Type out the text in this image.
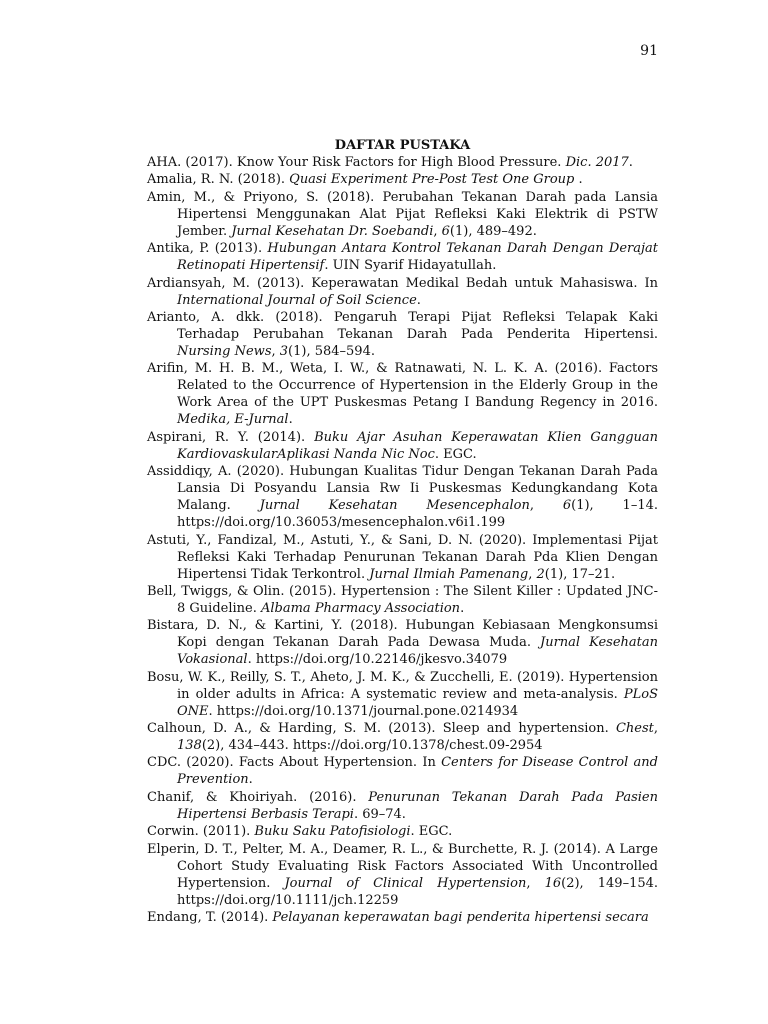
91
DAFTAR PUSTAKA

AHA. (2017). Know Your Risk Factors for High Blood Pressure. Dic. 2017.

Amalia, R. N. (2018). Quasi Experiment Pre-Post Test One Group .

Amin, M., & Priyono, S. (2018). Perubahan Tekanan Darah pada Lansia Hipertensi Menggunakan Alat Pijat Refleksi Kaki Elektrik di PSTW Jember. Jurnal Kesehatan Dr. Soebandi, 6(1), 489–492.

Antika, P. (2013). Hubungan Antara Kontrol Tekanan Darah Dengan Derajat Retinopati Hipertensif. UIN Syarif Hidayatullah.

Ardiansyah, M. (2013). Keperawatan Medikal Bedah untuk Mahasiswa. In International Journal of Soil Science.

Arianto, A. dkk. (2018). Pengaruh Terapi Pijat Refleksi Telapak Kaki Terhadap Perubahan Tekanan Darah Pada Penderita Hipertensi. Nursing News, 3(1), 584–594.

Arifin, M. H. B. M., Weta, I. W., & Ratnawati, N. L. K. A. (2016). Factors Related to the Occurrence of Hypertension in the Elderly Group in the Work Area of the UPT Puskesmas Petang I Bandung Regency in 2016. Medika, E-Jurnal.

Aspirani, R. Y. (2014). Buku Ajar Asuhan Keperawatan Klien Gangguan KardiovaskularAplikasi Nanda Nic Noc. EGC.

Assiddiqy, A. (2020). Hubungan Kualitas Tidur Dengan Tekanan Darah Pada Lansia Di Posyandu Lansia Rw Ii Puskesmas Kedungkandang Kota Malang. Jurnal Kesehatan Mesencephalon, 6(1), 1–14. https://doi.org/10.36053/mesencephalon.v6i1.199

Astuti, Y., Fandizal, M., Astuti, Y., & Sani, D. N. (2020). Implementasi Pijat Refleksi Kaki Terhadap Penurunan Tekanan Darah Pda Klien Dengan Hipertensi Tidak Terkontrol. Jurnal Ilmiah Pamenang, 2(1), 17–21.

Bell, Twiggs, & Olin. (2015). Hypertension : The Silent Killer : Updated JNC-8 Guideline. Albama Pharmacy Association.

Bistara, D. N., & Kartini, Y. (2018). Hubungan Kebiasaan Mengkonsumsi Kopi dengan Tekanan Darah Pada Dewasa Muda. Jurnal Kesehatan Vokasional. https://doi.org/10.22146/jkesvo.34079

Bosu, W. K., Reilly, S. T., Aheto, J. M. K., & Zucchelli, E. (2019). Hypertension in older adults in Africa: A systematic review and meta-analysis. PLoS ONE. https://doi.org/10.1371/journal.pone.0214934

Calhoun, D. A., & Harding, S. M. (2013). Sleep and hypertension. Chest, 138(2), 434–443. https://doi.org/10.1378/chest.09-2954

CDC. (2020). Facts About Hypertension. In Centers for Disease Control and Prevention.

Chanif, & Khoiriyah. (2016). Penurunan Tekanan Darah Pada Pasien Hipertensi Berbasis Terapi. 69–74.

Corwin. (2011). Buku Saku Patofisiologi. EGC.

Elperin, D. T., Pelter, M. A., Deamer, R. L., & Burchette, R. J. (2014). A Large Cohort Study Evaluating Risk Factors Associated With Uncontrolled Hypertension. Journal of Clinical Hypertension, 16(2), 149–154. https://doi.org/10.1111/jch.12259

Endang, T. (2014). Pelayanan keperawatan bagi penderita hipertensi secara
